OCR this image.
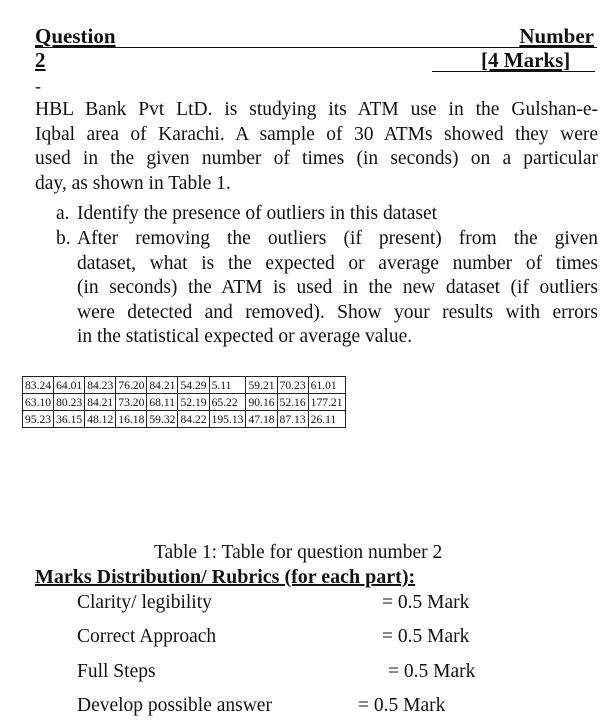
Question	Number
2	[4 Marks]
-
HBL Bank Pvt LtD. is studying its ATM use in the Gulshan-e-
Iqbal area of Karachi. A sample of 30 ATMs showed they were
used in the given number of times (in seconds) on a particular
day, as shown in Table 1.
a. Identify the presence of outliers in this dataset
b. After removing the outliers (if present) from the given
dataset, what is the expected or average number of times
(in seconds) the ATM is used in the new dataset (if outliers
were detected and removed). Show your results with errors
in the statistical expected or average value.
83.24	64.01	84.23	76.20	84.21	54.29	5.11	59.21	70.23	61.01
63.10	80.23	84.21	73.20	68.11	52.19	65.22	90.16	52.16	177.21
95.23	36.15	48.12	16.18	59.32	84.22	195.13	47.18	87.13	26.11
Table 1: Table for question number 2
Marks Distribution/ Rubrics (for each part):
Clarity/ legibility	= 0.5 Mark
Correct Approach	= 0.5 Mark
Full Steps	= 0.5 Mark
Develop possible answer	= 0.5 Mark
